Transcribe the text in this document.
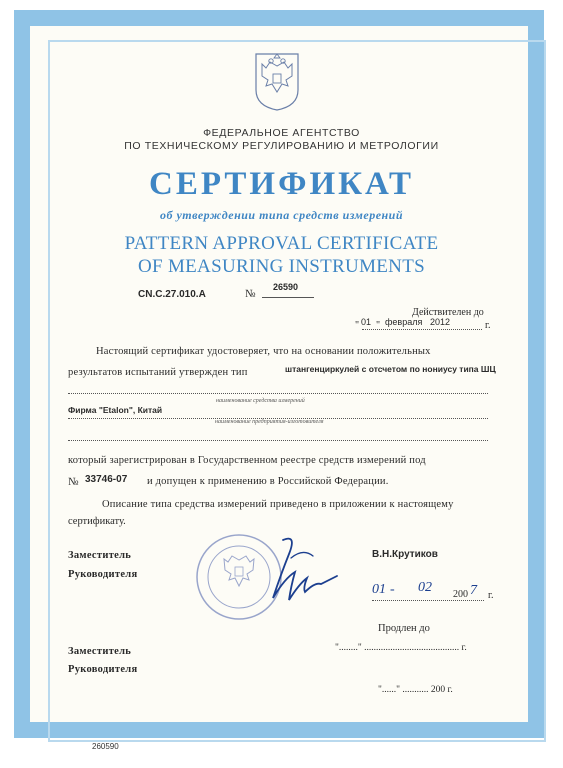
ФЕДЕРАЛЬНОЕ АГЕНТСТВО
ПО ТЕХНИЧЕСКОМУ РЕГУЛИРОВАНИЮ И МЕТРОЛОГИИ
СЕРТИФИКАТ
об утверждении типа средств измерений
PATTERN APPROVAL CERTIFICATE
OF MEASURING INSTRUMENTS
CN.C.27.010.A	№
26590
Действителен до
" 01 " февраля 2012	г.
Настоящий сертификат удостоверяет, что на основании положительных
результатов испытаний утвержден тип	штангенциркулей с отсчетом по нониусу типа ШЦ
наименование средства измерений
Фирма "Etalon", Китай
наименование предприятия-изготовителя
который зарегистрирован в Государственном реестре средств измерений под
№ 33746-07 и допущен к применению в Российской Федерации.
Описание типа средства измерений приведено в приложении к настоящему
сертификату.
Заместитель
Руководителя
В.Н.Крутиков
01 - 02 200 7 г.
Продлен до
"........" ........................................ г.
Заместитель
Руководителя
"......" ........... 200 г.
260590
